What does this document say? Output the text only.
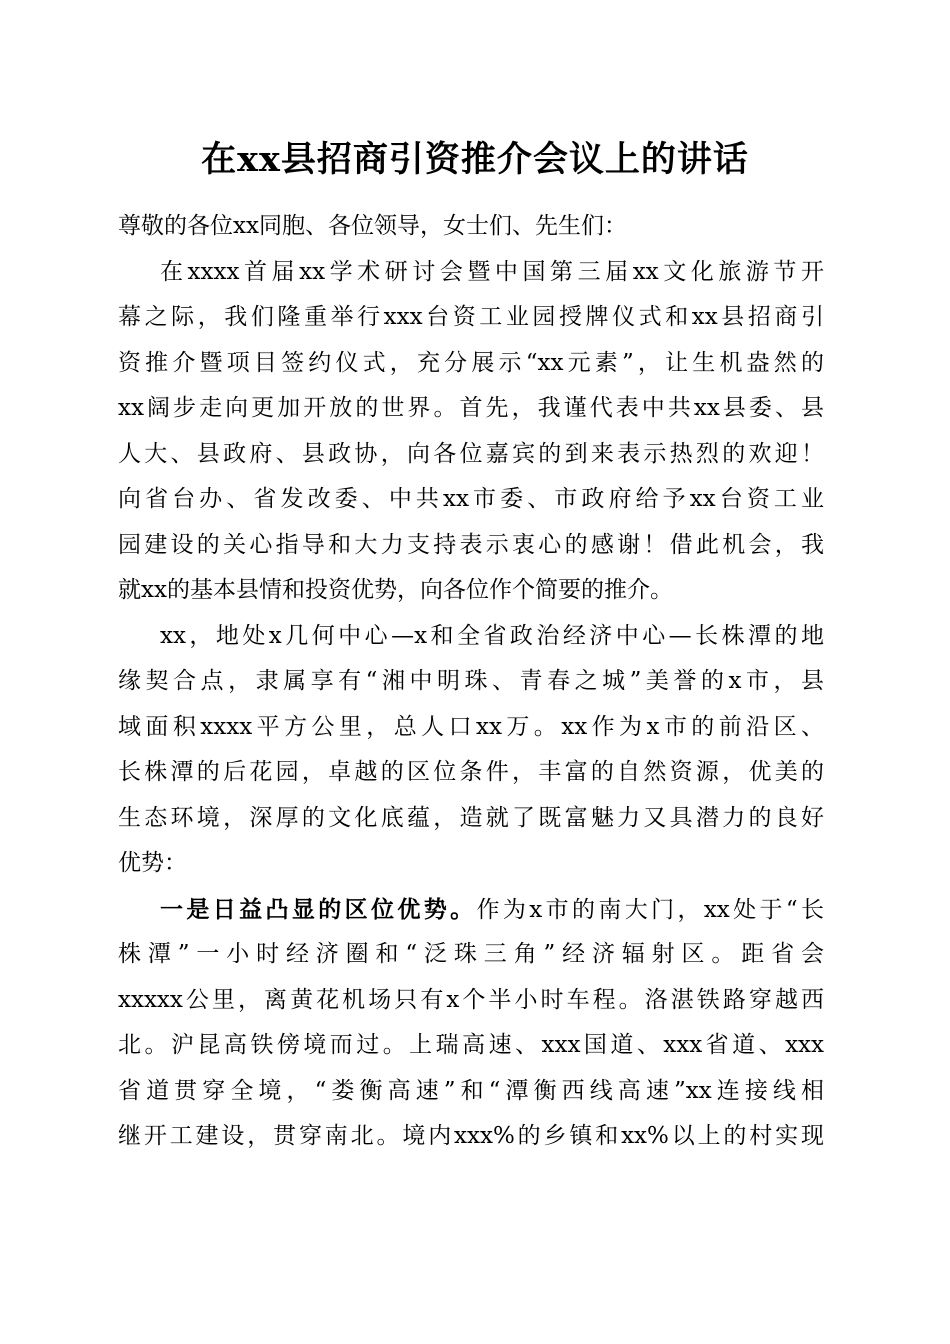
在xx县招商引资推介会议上的讲话
尊敬的各位xx同胞、各位领导，女士们、先生们：
在xxxx首届xx学术研讨会暨中国第三届xx文化旅游节开
幕之际，我们隆重举行xxx台资工业园授牌仪式和xx县招商引
资推介暨项目签约仪式，充分展示“xx元素”，让生机盎然的
xx阔步走向更加开放的世界。首先，我谨代表中共xx县委、县
人大、县政府、县政协，向各位嘉宾的到来表示热烈的欢迎！
向省台办、省发改委、中共xx市委、市政府给予xx台资工业
园建设的关心指导和大力支持表示衷心的感谢！借此机会，我
就xx的基本县情和投资优势，向各位作个简要的推介。
xx，地处x几何中心—x和全省政治经济中心—长株潭的地
缘契合点，隶属享有“湘中明珠、青春之城”美誉的x市，县
域面积xxxx平方公里，总人口xx万。xx作为x市的前沿区、
长株潭的后花园，卓越的区位条件，丰富的自然资源，优美的
生态环境，深厚的文化底蕴，造就了既富魅力又具潜力的良好
优势：
一是日益凸显的区位优势。作为x市的南大门，xx处于“长
株潭”一小时经济圈和“泛珠三角”经济辐射区。距省会
xxxxx公里，离黄花机场只有x个半小时车程。洛湛铁路穿越西
北。沪昆高铁傍境而过。上瑞高速、xxx国道、xxx省道、xxx
省道贯穿全境，“娄衡高速”和“潭衡西线高速”xx连接线相
继开工建设，贯穿南北。境内xxx%的乡镇和xx%以上的村实现
